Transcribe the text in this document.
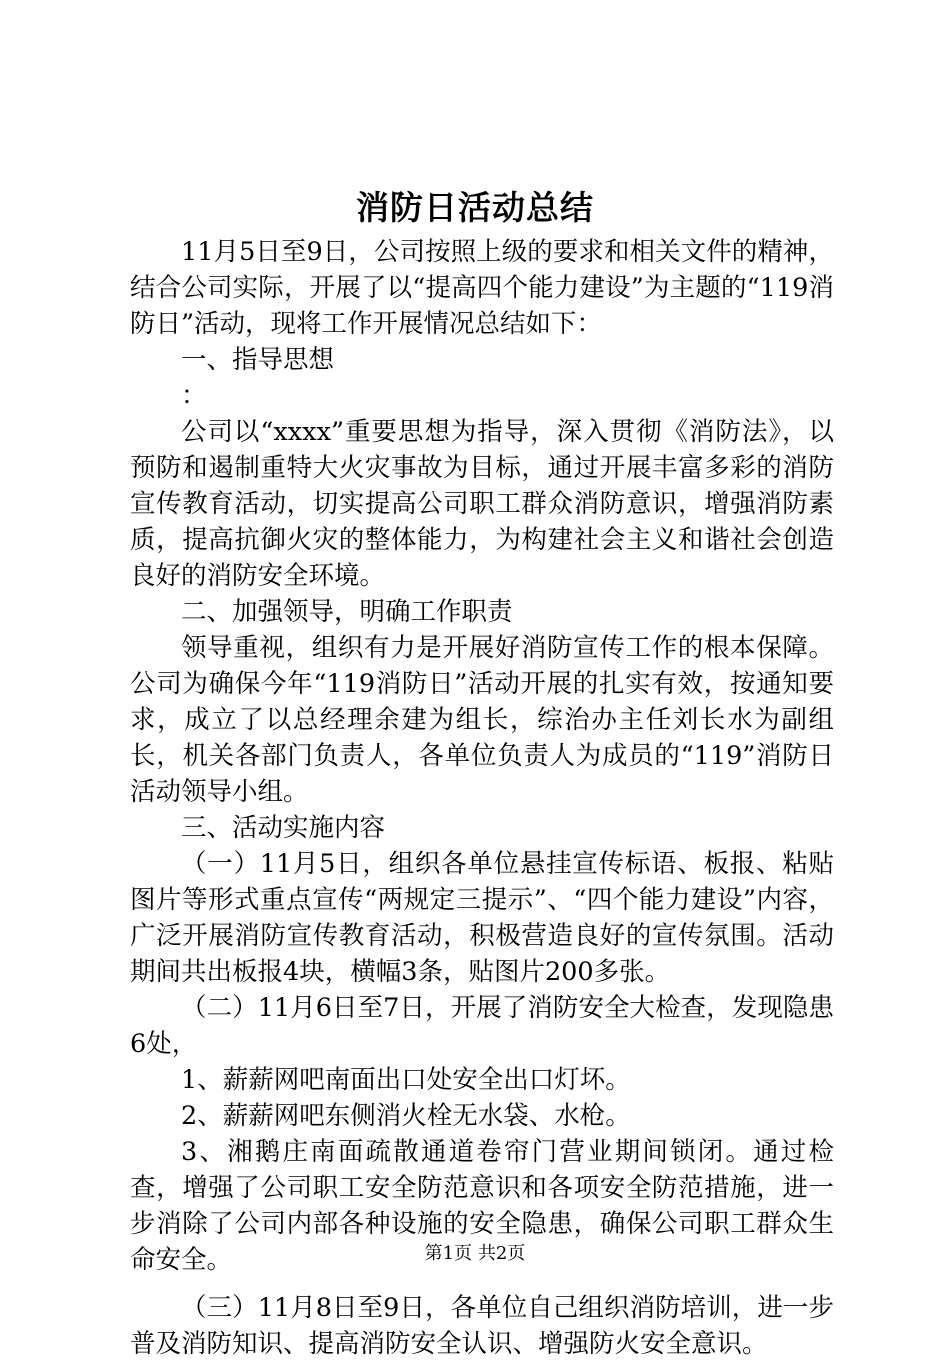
消防日活动总结

11月5日至9日，公司按照上级的要求和相关文件的精神，结合公司实际，开展了以“提高四个能力建设”为主题的“119消防日”活动，现将工作开展情况总结如下：

一、指导思想

：

公司以“xxxx”重要思想为指导，深入贯彻《消防法》，以预防和遏制重特大火灾事故为目标，通过开展丰富多彩的消防宣传教育活动，切实提高公司职工群众消防意识，增强消防素质，提高抗御火灾的整体能力，为构建社会主义和谐社会创造良好的消防安全环境。

二、加强领导，明确工作职责

领导重视，组织有力是开展好消防宣传工作的根本保障。公司为确保今年“119消防日”活动开展的扎实有效，按通知要求，成立了以总经理余建为组长，综治办主任刘长水为副组长，机关各部门负责人，各单位负责人为成员的“119”消防日活动领导小组。

三、活动实施内容

（一）11月5日，组织各单位悬挂宣传标语、板报、粘贴图片等形式重点宣传“两规定三提示”、“四个能力建设”内容，广泛开展消防宣传教育活动，积极营造良好的宣传氛围。活动期间共出板报4块，横幅3条，贴图片200多张。

（二）11月6日至7日，开展了消防安全大检查，发现隐患6处，

1、薪薪网吧南面出口处安全出口灯坏。

2、薪薪网吧东侧消火栓无水袋、水枪。

3、湘鹅庄南面疏散通道卷帘门营业期间锁闭。通过检查，增强了公司职工安全防范意识和各项安全防范措施，进一步消除了公司内部各种设施的安全隐患，确保公司职工群众生命安全。

（三）11月8日至9日，各单位自己组织消防培训，进一步普及消防知识、提高消防安全认识、增强防火安全意识。

第1页 共2页
